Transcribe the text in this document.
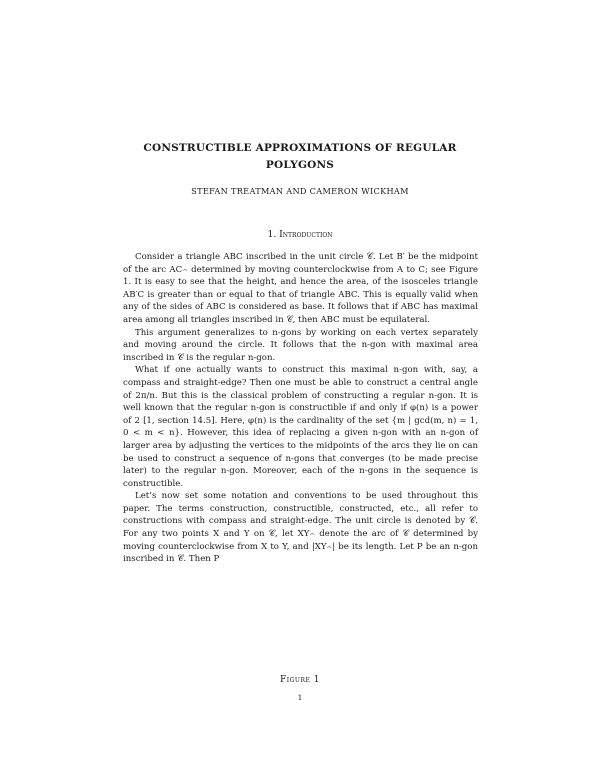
CONSTRUCTIBLE APPROXIMATIONS OF REGULAR
POLYGONS
STEFAN TREATMAN AND CAMERON WICKHAM
1. Introduction

Consider a triangle ABC inscribed in the unit circle 𝒞. Let B′ be the midpoint of the arc AC⌢ determined by moving counterclockwise from A to C; see Figure 1. It is easy to see that the height, and hence the area, of the isosceles triangle AB′C is greater than or equal to that of triangle ABC. This is equally valid when any of the sides of ABC is considered as base. It follows that if ABC has maximal area among all triangles inscribed in 𝒞, then ABC must be equilateral.

This argument generalizes to n-gons by working on each vertex separately and moving around the circle. It follows that the n-gon with maximal area inscribed in 𝒞 is the regular n-gon.

What if one actually wants to construct this maximal n-gon with, say, a compass and straight-edge? Then one must be able to construct a central angle of 2π/n. But this is the classical problem of constructing a regular n-gon. It is well known that the regular n-gon is constructible if and only if φ(n) is a power of 2 [1, section 14.5]. Here, φ(n) is the cardinality of the set {m | gcd(m, n) = 1, 0 < m < n}. However, this idea of replacing a given n-gon with an n-gon of larger area by adjusting the vertices to the midpoints of the arcs they lie on can be used to construct a sequence of n-gons that converges (to be made precise later) to the regular n-gon. Moreover, each of the n-gons in the sequence is constructible.

Let’s now set some notation and conventions to be used throughout this paper. The terms construction, constructible, constructed, etc., all refer to constructions with compass and straight-edge. The unit circle is denoted by 𝒞. For any two points X and Y on 𝒞, let XY⌢ denote the arc of 𝒞 determined by moving counterclockwise from X to Y, and |XY⌢| be its length. Let P be an n-gon inscribed in 𝒞. Then P

Figure 1
1
